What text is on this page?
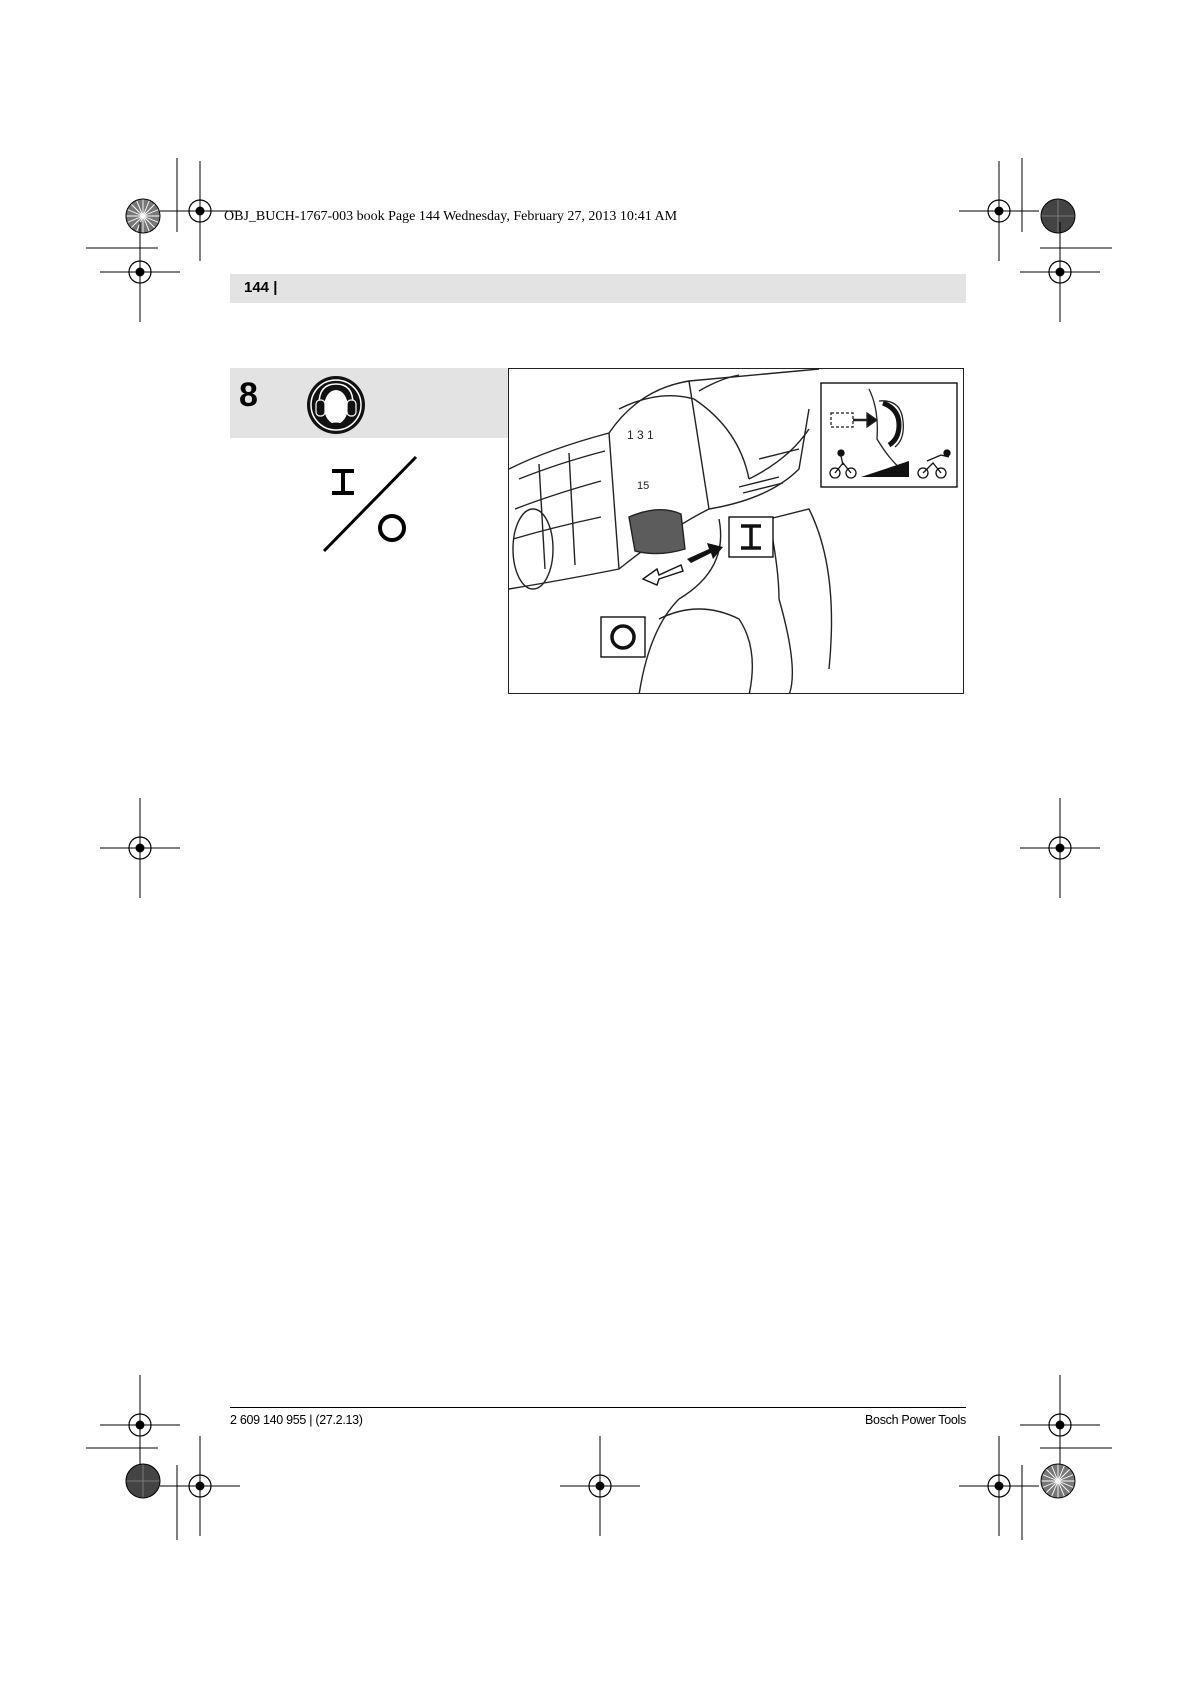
OBJ_BUCH-1767-003 book Page 144 Wednesday, February 27, 2013 10:41 AM
144 |
8
1 3 1
15
2 609 140 955 | (27.2.13)	Bosch Power Tools
